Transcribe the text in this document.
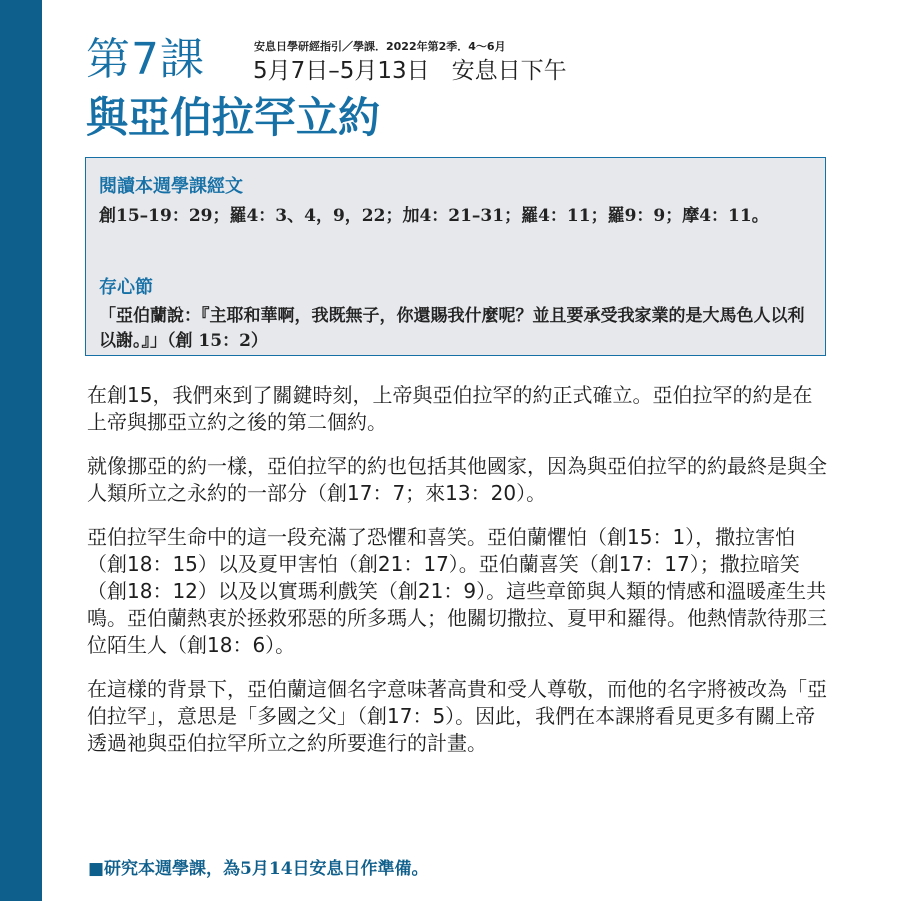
第7課	安息日學研經指引／學課．2022年第2季．4～6月
5月7日–5月13日 安息日下午
與亞伯拉罕立約
閱讀本週學課經文
創15–19：29；羅4：3、4，9，22；加4：21–31；羅4：11；羅9：9；摩4：11。
存心節
「亞伯蘭說：『主耶和華啊，我既無子，你還賜我什麼呢？並且要承受我家業的是大馬色人以利以謝。』」（創 15：2）

在創15，我們來到了關鍵時刻，上帝與亞伯拉罕的約正式確立。亞伯拉罕的約是在上帝與挪亞立約之後的第二個約。

就像挪亞的約一樣，亞伯拉罕的約也包括其他國家，因為與亞伯拉罕的約最終是與全人類所立之永約的一部分（創17：7；來13：20）。

亞伯拉罕生命中的這一段充滿了恐懼和喜笑。亞伯蘭懼怕（創15：1），撒拉害怕（創18：15）以及夏甲害怕（創21：17）。亞伯蘭喜笑（創17：17）；撒拉暗笑（創18：12）以及以實瑪利戲笑（創21：9）。這些章節與人類的情感和溫暖產生共鳴。亞伯蘭熱衷於拯救邪惡的所多瑪人；他關切撒拉、夏甲和羅得。他熱情款待那三位陌生人（創18：6）。

在這樣的背景下，亞伯蘭這個名字意味著高貴和受人尊敬，而他的名字將被改為「亞伯拉罕」，意思是「多國之父」（創17：5）。因此，我們在本課將看見更多有關上帝透過祂與亞伯拉罕所立之約所要進行的計畫。

■研究本週學課，為5月14日安息日作準備。
